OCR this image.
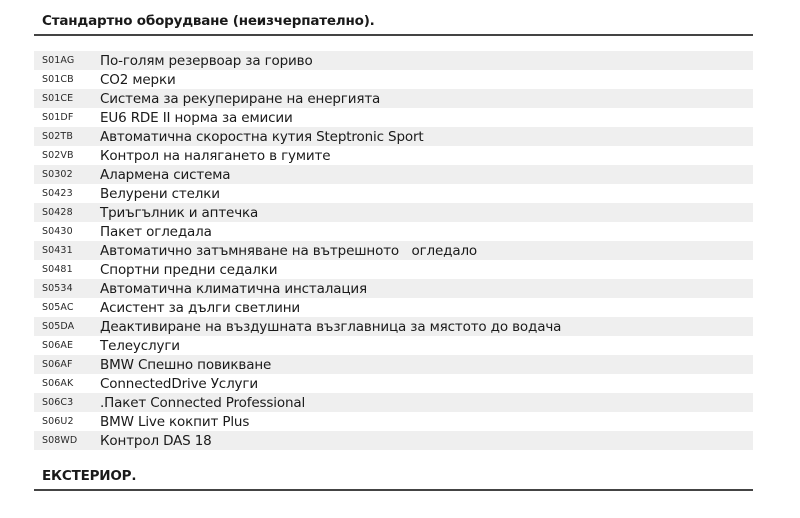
Стандартно оборудване (неизчерпателно).
S01AG По-голям резервоар за гориво
S01CB CO2 мерки
S01CE Система за рекупериране на енергията
S01DF EU6 RDE II норма за емисии
S02TB Автоматична скоростна кутия Steptronic Sport
S02VB Контрол на налягането в гумите
S0302 Алармена система
S0423 Велурени стелки
S0428 Триъгълник и аптечка
S0430 Пакет огледала
S0431 Автоматично затъмняване на вътрешното   огледало
S0481 Спортни предни седалки
S0534 Автоматична климатична инсталация
S05AC Асистент за дълги светлини
S05DA Деактивиране на въздушната възглавница за мястото до водача
S06AE Телеуслуги
S06AF BMW Спешно повикване
S06AK ConnectedDrive Услуги
S06C3 .Пакет Connected Professional
S06U2 BMW Live кокпит Plus
S08WD Контрол DAS 18
ЕКСТЕРИОР.
